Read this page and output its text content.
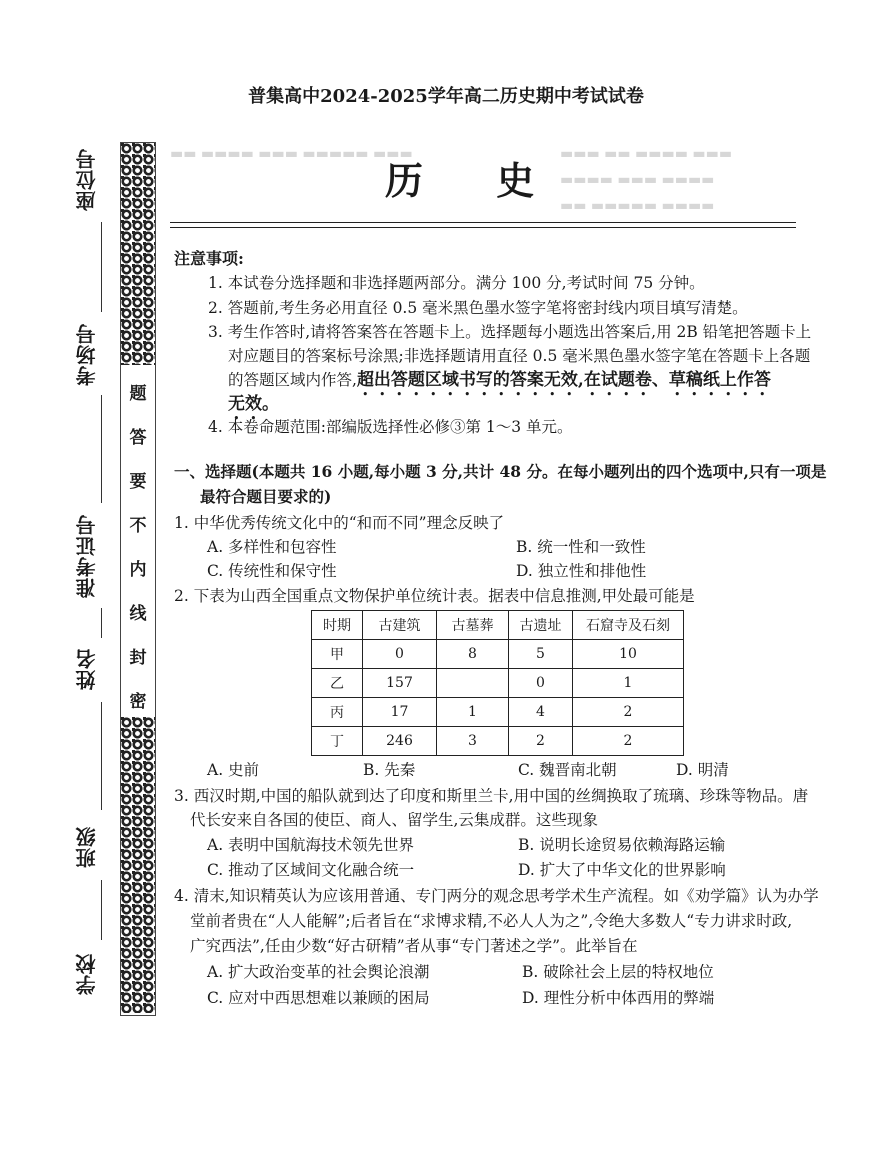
普集高中2024-2025学年高二历史期中考试试卷
历 史
▬▬ ▬▬▬▬ ▬▬▬ ▬▬▬▬▬ ▬▬▬	▬▬▬ ▬▬ ▬▬▬▬ ▬▬▬
▬▬▬▬ ▬▬▬ ▬▬▬▬
▬▬ ▬▬▬▬▬ ▬▬▬▬
座位号
考场号
准考证号
姓名
班级
学校
题
答
要
不
内
线
封
密
注意事项:
1. 本试卷分选择题和非选择题两部分。满分 100 分,考试时间 75 分钟。
2. 答题前,考生务必用直径 0.5 毫米黑色墨水签字笔将密封线内项目填写清楚。
3. 考生作答时,请将答案答在答题卡上。选择题每小题选出答案后,用 2B 铅笔把答题卡上
对应题目的答案标号涂黑;非选择题请用直径 0.5 毫米黑色墨水签字笔在答题卡上各题
的答题区域内作答,超出答题区域书写的答案无效,在试题卷、草稿纸上作答
无效。
4. 本卷命题范围:部编版选择性必修③第 1～3 单元。
一、选择题(本题共 16 小题,每小题 3 分,共计 48 分。在每小题列出的四个选项中,只有一项是
最符合题目要求的)
1. 中华优秀传统文化中的“和而不同”理念反映了
A. 多样性和包容性	B. 统一性和一致性
C. 传统性和保守性	D. 独立性和排他性
2. 下表为山西全国重点文物保护单位统计表。据表中信息推测,甲处最可能是
时期	古建筑	古墓葬	古遗址	石窟寺及石刻
甲	0	8	5	10
乙	157		0	1
丙	17	1	4	2
丁	246	3	2	2
A. 史前	B. 先秦	C. 魏晋南北朝	D. 明清
3. 西汉时期,中国的船队就到达了印度和斯里兰卡,用中国的丝绸换取了琉璃、珍珠等物品。唐
代长安来自各国的使臣、商人、留学生,云集成群。这些现象
A. 表明中国航海技术领先世界	B. 说明长途贸易依赖海路运输
C. 推动了区域间文化融合统一	D. 扩大了中华文化的世界影响
4. 清末,知识精英认为应该用普通、专门两分的观念思考学术生产流程。如《劝学篇》认为办学
堂前者贵在“人人能解”;后者旨在“求博求精,不必人人为之”,令绝大多数人“专力讲求时政,
广究西法”,任由少数“好古研精”者从事“专门著述之学”。此举旨在
A. 扩大政治变革的社会舆论浪潮	B. 破除社会上层的特权地位
C. 应对中西思想难以兼顾的困局	D. 理性分析中体西用的弊端
